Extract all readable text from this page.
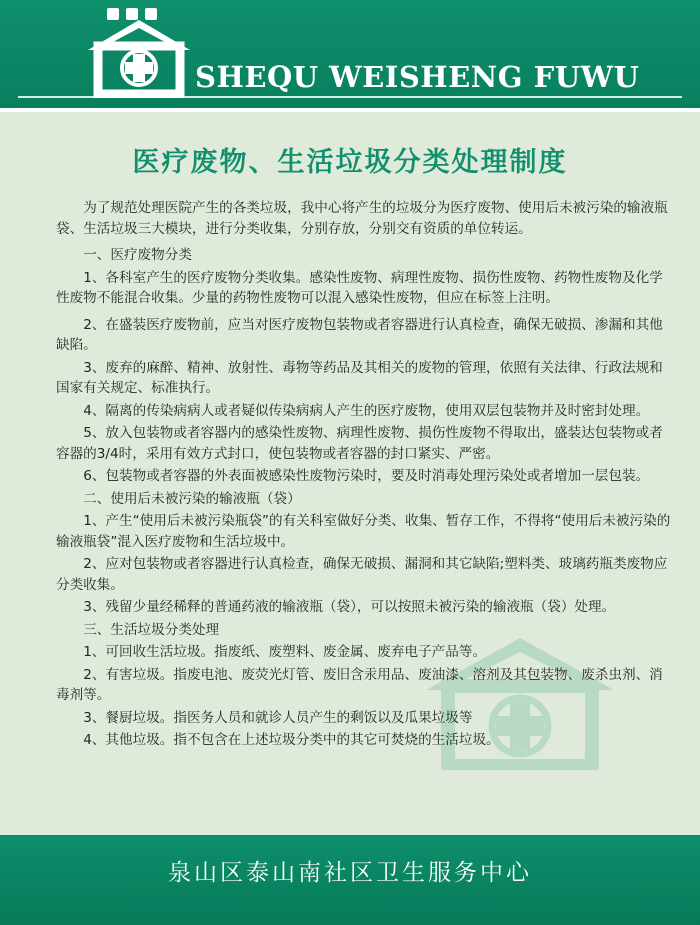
SHEQU WEISHENG FUWU
医疗废物、生活垃圾分类处理制度

为了规范处理医院产生的各类垃圾，我中心将产生的垃圾分为医疗废物、使用后未被污染的输液瓶袋、生活垃圾三大模块，进行分类收集，分别存放，分别交有资质的单位转运。

一、医疗废物分类

1、各科室产生的医疗废物分类收集。感染性废物、病理性废物、损伤性废物、药物性废物及化学性废物不能混合收集。少量的药物性废物可以混入感染性废物，但应在标签上注明。

2、在盛装医疗废物前，应当对医疗废物包装物或者容器进行认真检查，确保无破损、渗漏和其他缺陷。

3、废弃的麻醉、精神、放射性、毒物等药品及其相关的废物的管理，依照有关法律、行政法规和国家有关规定、标准执行。

4、隔离的传染病病人或者疑似传染病病人产生的医疗废物，使用双层包装物并及时密封处理。

5、放入包装物或者容器内的感染性废物、病理性废物、损伤性废物不得取出，盛装达包装物或者容器的3/4时，采用有效方式封口，使包装物或者容器的封口紧实、严密。

6、包装物或者容器的外表面被感染性废物污染时，要及时消毒处理污染处或者增加一层包装。

二、使用后未被污染的输液瓶（袋）

1、产生“使用后未被污染瓶袋”的有关科室做好分类、收集、暂存工作，不得将“使用后未被污染的输液瓶袋”混入医疗废物和生活垃圾中。

2、应对包装物或者容器进行认真检查，确保无破损、漏洞和其它缺陷;塑料类、玻璃药瓶类废物应分类收集。

3、残留少量经稀释的普通药液的输液瓶（袋），可以按照未被污染的输液瓶（袋）处理。

三、生活垃圾分类处理

1、可回收生活垃圾。指废纸、废塑料、废金属、废弃电子产品等。

2、有害垃圾。指废电池、废荧光灯管、废旧含汞用品、废油漆、溶剂及其包装物、废杀虫剂、消毒剂等。

3、餐厨垃圾。指医务人员和就诊人员产生的剩饭以及瓜果垃圾等

4、其他垃圾。指不包含在上述垃圾分类中的其它可焚烧的生活垃圾。

泉山区泰山南社区卫生服务中心
